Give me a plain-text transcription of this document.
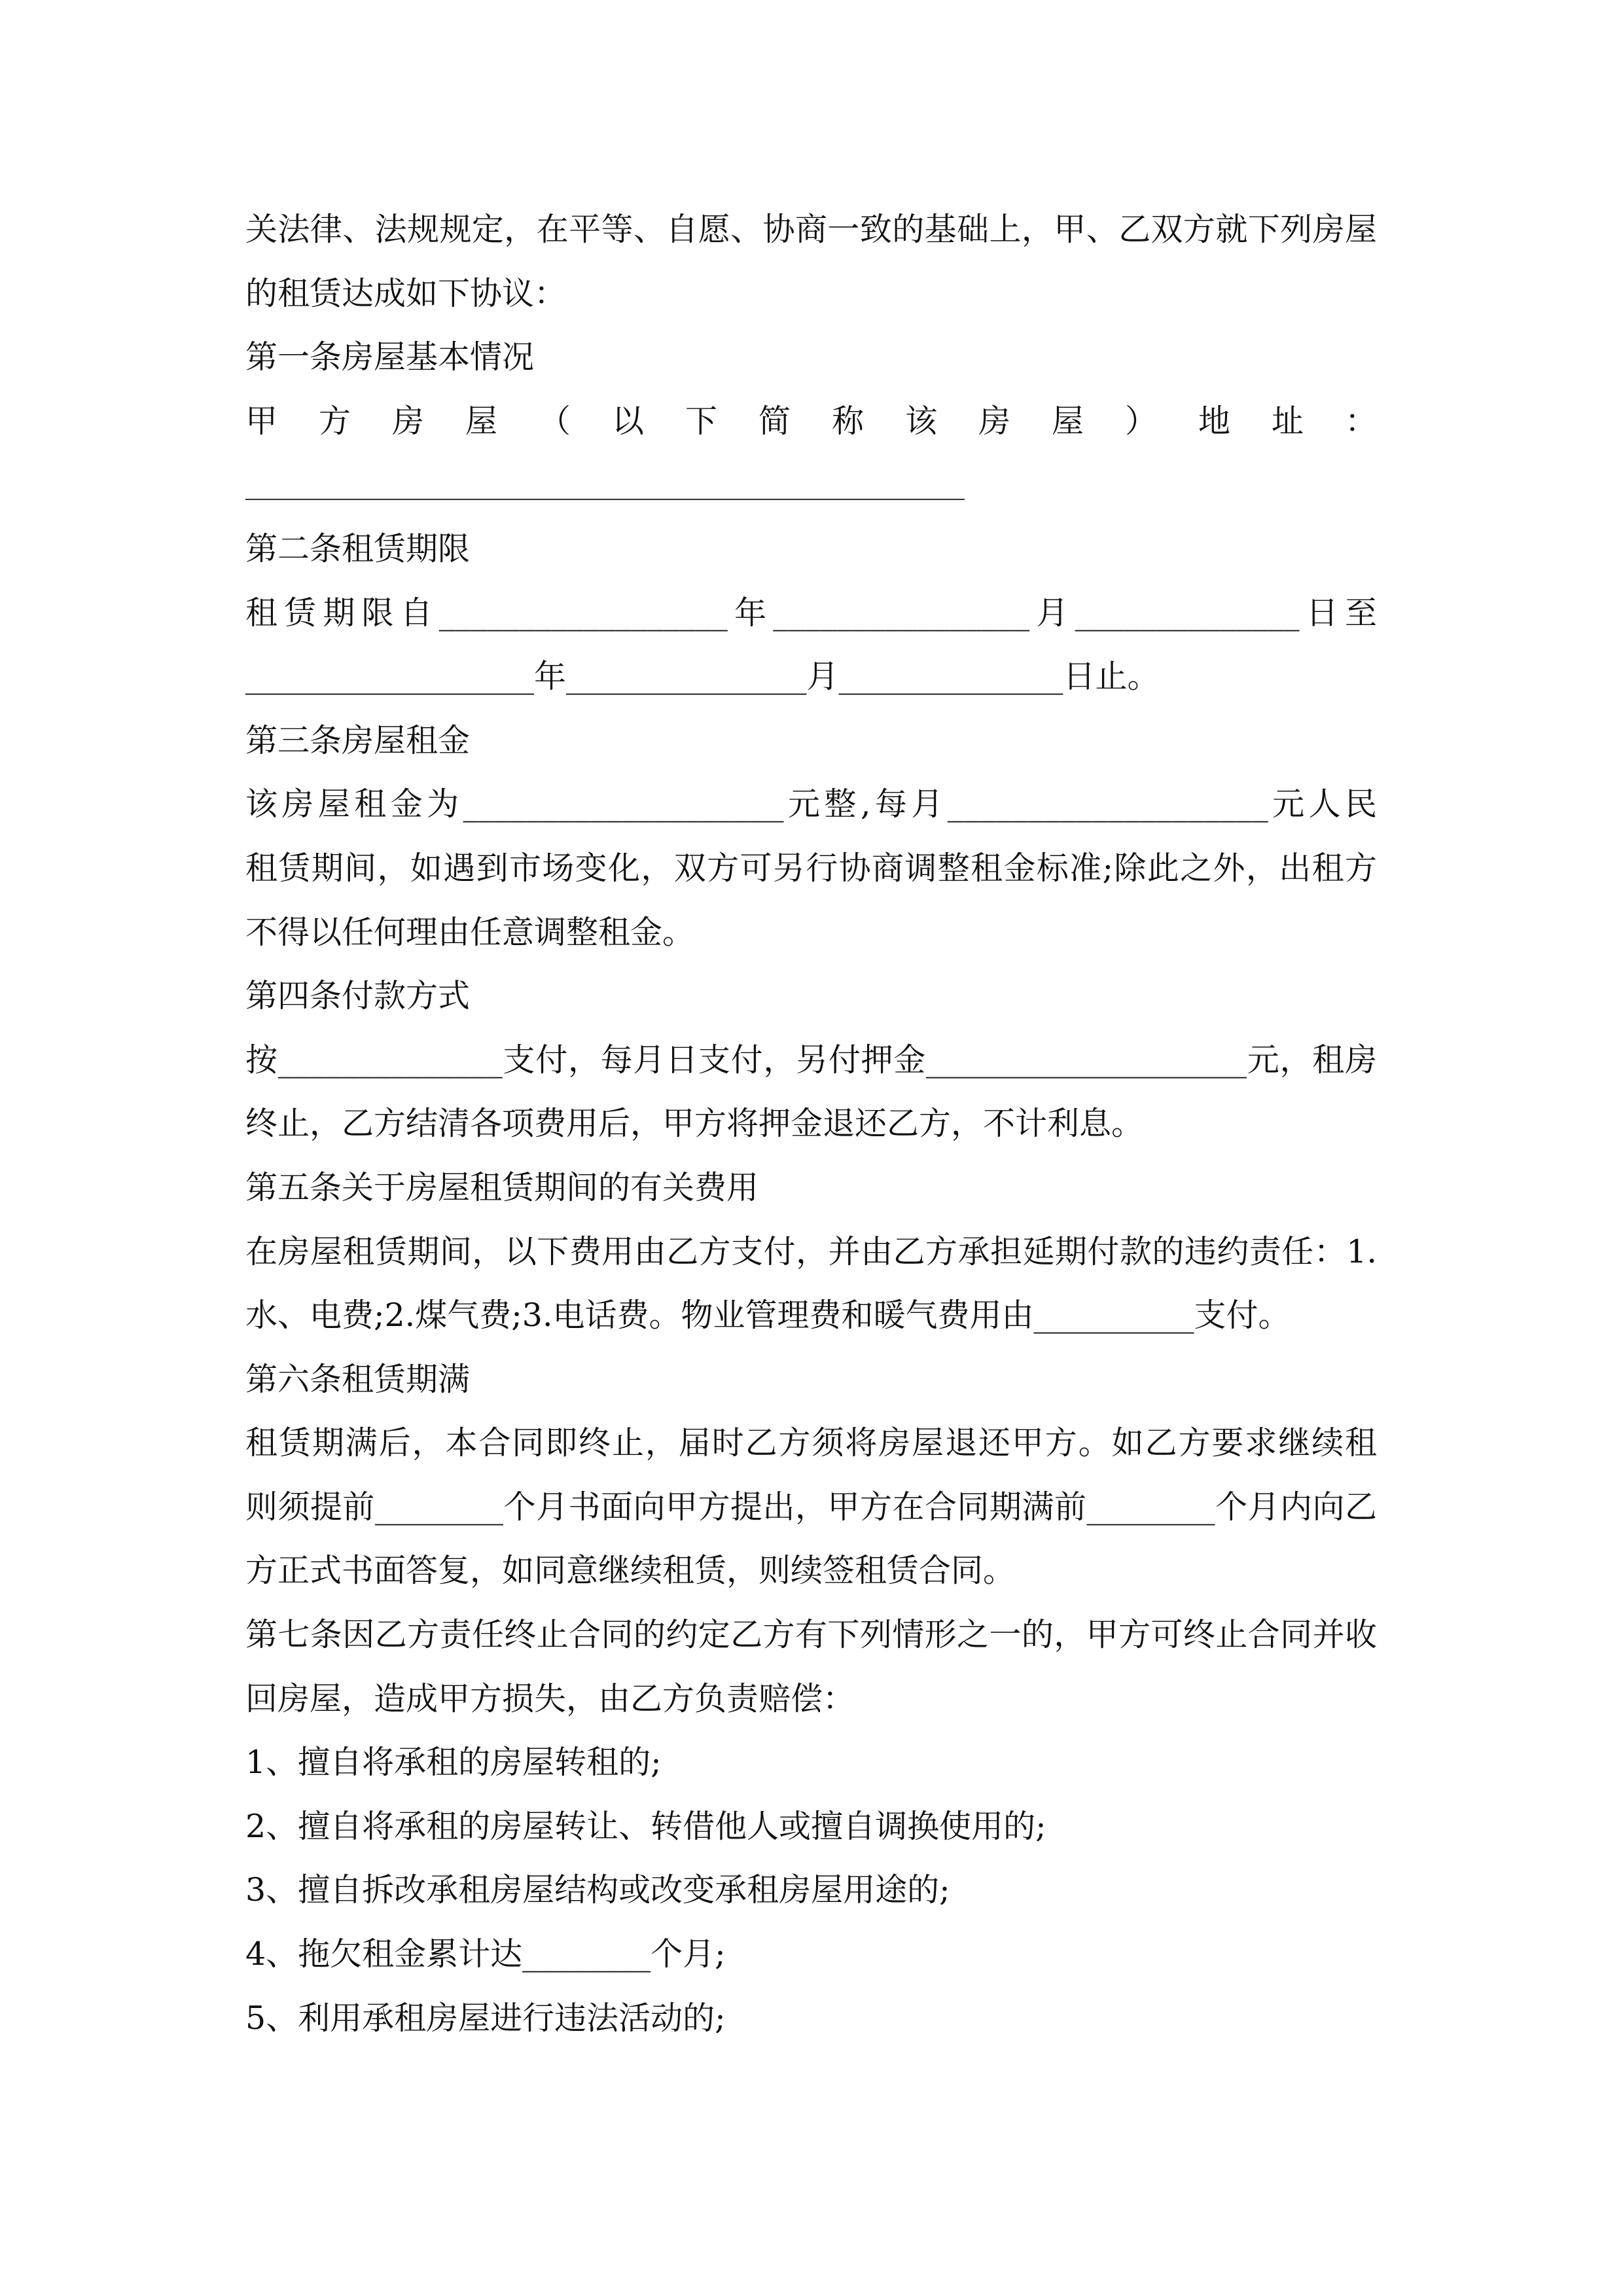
关法律、法规规定，在平等、自愿、协商一致的基础上，甲、乙双方就下列房屋
的租赁达成如下协议：
第一条房屋基本情况
甲方房屋（以下简称该房屋）地址：
第二条租赁期限
租赁期限自__________________年________________月______________日至
__________________年_______________月______________日止。
第三条房屋租金
该房屋租金为____________________元整,每月____________________元人民
租赁期间，如遇到市场变化，双方可另行协商调整租金标准;除此之外，出租方
不得以任何理由任意调整租金。
第四条付款方式
按______________支付，每月日支付，另付押金____________________元，租房
终止，乙方结清各项费用后，甲方将押金退还乙方，不计利息。
第五条关于房屋租赁期间的有关费用
在房屋租赁期间，以下费用由乙方支付，并由乙方承担延期付款的违约责任：1.
水、电费;2.煤气费;3.电话费。物业管理费和暖气费用由__________支付。
第六条租赁期满
租赁期满后，本合同即终止，届时乙方须将房屋退还甲方。如乙方要求继续租
则须提前________个月书面向甲方提出，甲方在合同期满前________个月内向乙
方正式书面答复，如同意继续租赁，则续签租赁合同。
第七条因乙方责任终止合同的约定乙方有下列情形之一的，甲方可终止合同并收
回房屋，造成甲方损失，由乙方负责赔偿：
1、擅自将承租的房屋转租的;
2、擅自将承租的房屋转让、转借他人或擅自调换使用的;
3、擅自拆改承租房屋结构或改变承租房屋用途的;
4、拖欠租金累计达________个月;
5、利用承租房屋进行违法活动的;
